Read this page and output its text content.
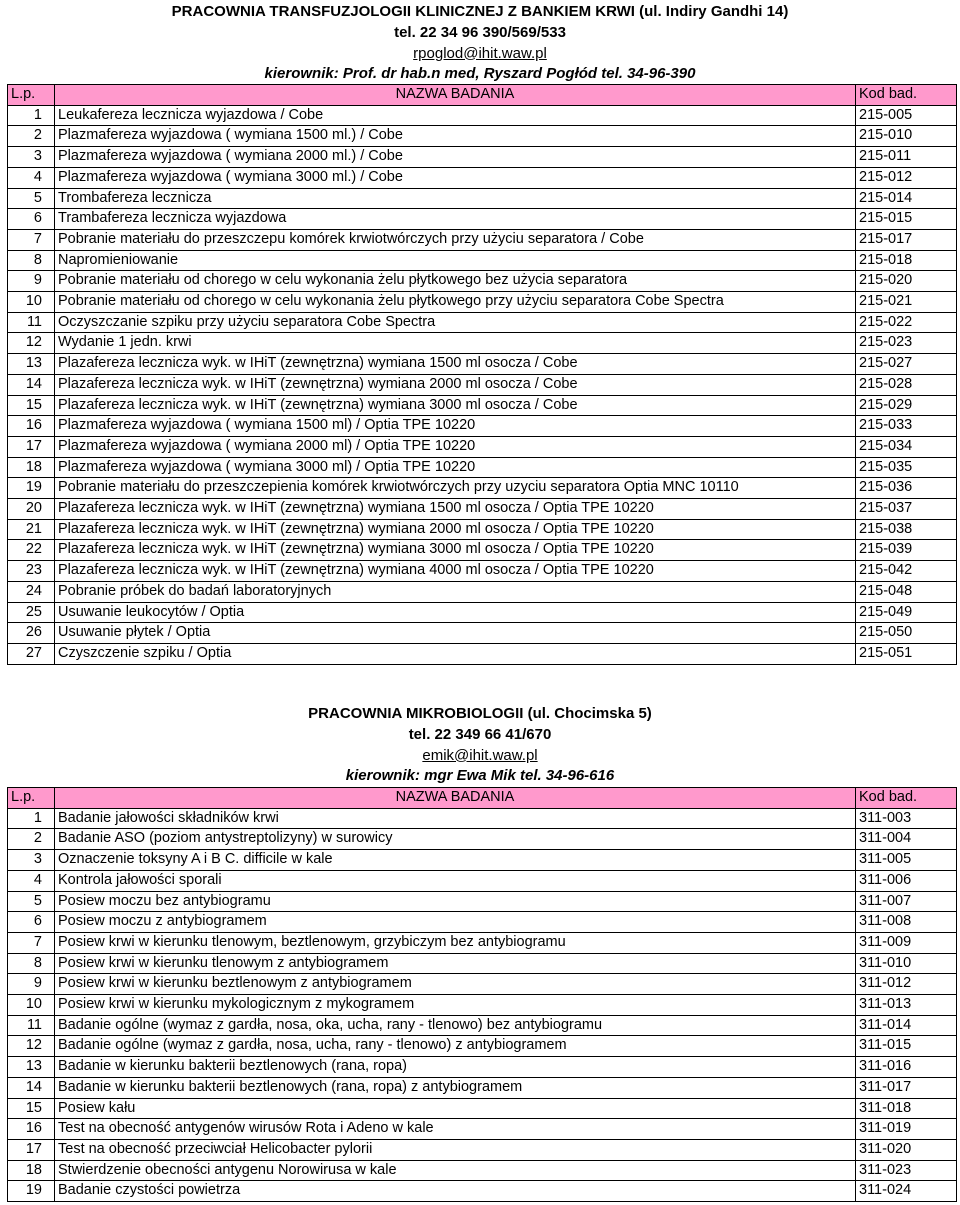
PRACOWNIA TRANSFUZJOLOGII KLINICZNEJ Z BANKIEM KRWI (ul. Indiry Gandhi 14)
tel. 22 34 96 390/569/533
rpoglod@ihit.waw.pl
kierownik: Prof. dr hab.n med, Ryszard Pogłód tel. 34-96-390
L.p.	NAZWA BADANIA	Kod bad.
1	Leukafereza lecznicza wyjazdowa / Cobe	215-005
2	Plazmafereza wyjazdowa ( wymiana 1500 ml.) / Cobe	215-010
3	Plazmafereza wyjazdowa ( wymiana 2000 ml.) / Cobe	215-011
4	Plazmafereza wyjazdowa ( wymiana 3000 ml.) / Cobe	215-012
5	Trombafereza lecznicza	215-014
6	Trambafereza lecznicza wyjazdowa	215-015
7	Pobranie materiału do przeszczepu komórek krwiotwórczych przy użyciu separatora / Cobe	215-017
8	Napromieniowanie	215-018
9	Pobranie materiału od chorego w celu wykonania żelu płytkowego bez użycia separatora	215-020
10	Pobranie materiału od chorego w celu wykonania żelu płytkowego przy użyciu separatora Cobe Spectra	215-021
11	Oczyszczanie szpiku przy użyciu separatora Cobe Spectra	215-022
12	Wydanie 1 jedn. krwi	215-023
13	Plazafereza lecznicza wyk. w IHiT (zewnętrzna) wymiana 1500 ml osocza / Cobe	215-027
14	Plazafereza lecznicza wyk. w IHiT (zewnętrzna) wymiana 2000 ml osocza / Cobe	215-028
15	Plazafereza lecznicza wyk. w IHiT (zewnętrzna) wymiana 3000 ml osocza / Cobe	215-029
16	Plazmafereza wyjazdowa ( wymiana 1500 ml) / Optia TPE 10220	215-033
17	Plazmafereza wyjazdowa ( wymiana 2000 ml) / Optia TPE 10220	215-034
18	Plazmafereza wyjazdowa ( wymiana 3000 ml) / Optia TPE 10220	215-035
19	Pobranie materiału do przeszczepienia komórek krwiotwórczych przy uzyciu separatora Optia MNC 10110	215-036
20	Plazafereza lecznicza wyk. w IHiT (zewnętrzna) wymiana 1500 ml osocza / Optia TPE 10220	215-037
21	Plazafereza lecznicza wyk. w IHiT (zewnętrzna) wymiana 2000 ml osocza / Optia TPE 10220	215-038
22	Plazafereza lecznicza wyk. w IHiT (zewnętrzna) wymiana 3000 ml osocza / Optia TPE 10220	215-039
23	Plazafereza lecznicza wyk. w IHiT (zewnętrzna) wymiana 4000 ml osocza / Optia TPE 10220	215-042
24	Pobranie próbek do badań laboratoryjnych	215-048
25	Usuwanie leukocytów / Optia	215-049
26	Usuwanie płytek / Optia	215-050
27	Czyszczenie szpiku / Optia	215-051
PRACOWNIA MIKROBIOLOGII (ul. Chocimska 5)
tel. 22 349 66 41/670
emik@ihit.waw.pl
kierownik: mgr Ewa Mik tel. 34-96-616
L.p.	NAZWA BADANIA	Kod bad.
1	Badanie jałowości składników krwi	311-003
2	Badanie ASO (poziom antystreptolizyny) w surowicy	311-004
3	Oznaczenie toksyny A i B C. difficile w kale	311-005
4	Kontrola jałowości sporali	311-006
5	Posiew moczu bez antybiogramu	311-007
6	Posiew moczu z antybiogramem	311-008
7	Posiew krwi w kierunku tlenowym, beztlenowym, grzybiczym bez antybiogramu	311-009
8	Posiew krwi w kierunku tlenowym z antybiogramem	311-010
9	Posiew krwi w kierunku beztlenowym z antybiogramem	311-012
10	Posiew krwi w kierunku mykologicznym z mykogramem	311-013
11	Badanie ogólne (wymaz z gardła, nosa, oka, ucha, rany - tlenowo) bez antybiogramu	311-014
12	Badanie ogólne (wymaz z gardła, nosa, ucha, rany - tlenowo) z antybiogramem	311-015
13	Badanie w kierunku bakterii beztlenowych (rana, ropa)	311-016
14	Badanie w kierunku bakterii beztlenowych (rana, ropa) z antybiogramem	311-017
15	Posiew kału	311-018
16	Test na obecność antygenów wirusów Rota i Adeno w kale	311-019
17	Test na obecność przeciwciał Helicobacter pylorii	311-020
18	Stwierdzenie obecności antygenu Norowirusa w kale	311-023
19	Badanie czystości powietrza	311-024
